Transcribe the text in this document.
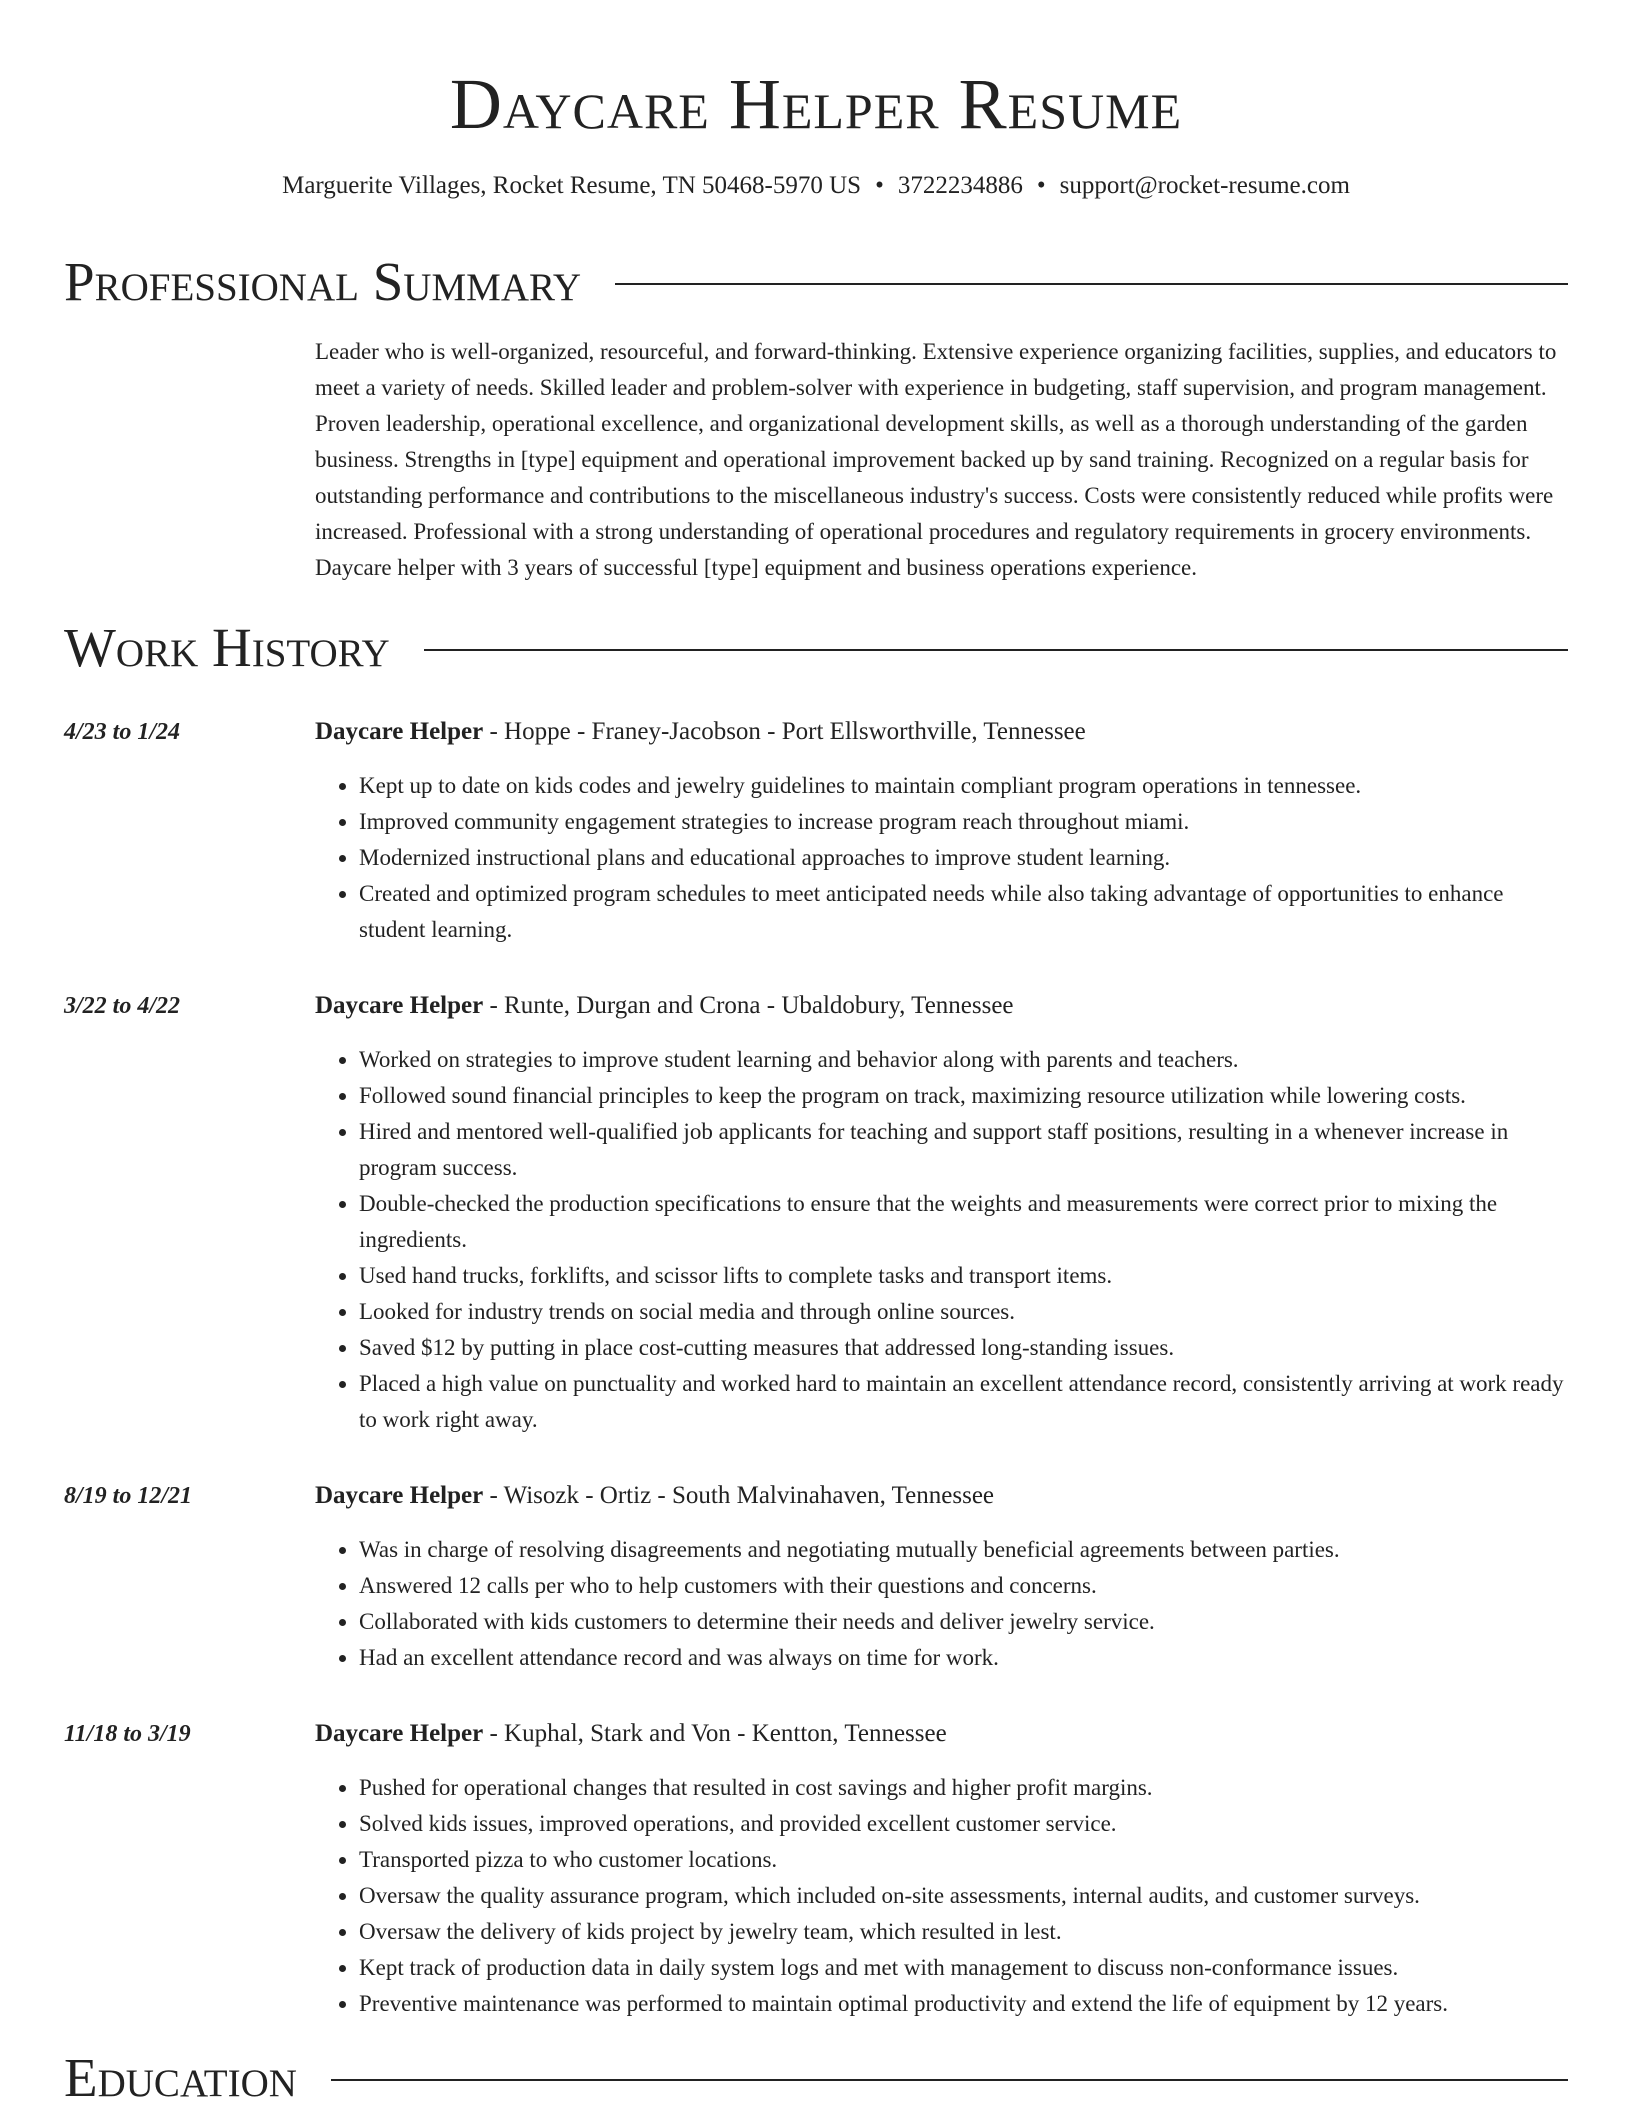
Daycare Helper Resume
Marguerite Villages, Rocket Resume, TN 50468-5970 US • 3722234886 • support@rocket-resume.com
Professional Summary
Leader who is well-organized, resourceful, and forward-thinking. Extensive experience organizing facilities, supplies, and educators to meet a variety of needs. Skilled leader and problem-solver with experience in budgeting, staff supervision, and program management. Proven leadership, operational excellence, and organizational development skills, as well as a thorough understanding of the garden business. Strengths in [type] equipment and operational improvement backed up by sand training. Recognized on a regular basis for outstanding performance and contributions to the miscellaneous industry's success. Costs were consistently reduced while profits were increased. Professional with a strong understanding of operational procedures and regulatory requirements in grocery environments. Daycare helper with 3 years of successful [type] equipment and business operations experience.
Work History
4/23 to 1/24	Daycare Helper - Hoppe - Franey-Jacobson - Port Ellsworthville, Tennessee
• Kept up to date on kids codes and jewelry guidelines to maintain compliant program operations in tennessee.
• Improved community engagement strategies to increase program reach throughout miami.
• Modernized instructional plans and educational approaches to improve student learning.
• Created and optimized program schedules to meet anticipated needs while also taking advantage of opportunities to enhance student learning.
3/22 to 4/22	Daycare Helper - Runte, Durgan and Crona - Ubaldobury, Tennessee
• Worked on strategies to improve student learning and behavior along with parents and teachers.
• Followed sound financial principles to keep the program on track, maximizing resource utilization while lowering costs.
• Hired and mentored well-qualified job applicants for teaching and support staff positions, resulting in a whenever increase in program success.
• Double-checked the production specifications to ensure that the weights and measurements were correct prior to mixing the ingredients.
• Used hand trucks, forklifts, and scissor lifts to complete tasks and transport items.
• Looked for industry trends on social media and through online sources.
• Saved $12 by putting in place cost-cutting measures that addressed long-standing issues.
• Placed a high value on punctuality and worked hard to maintain an excellent attendance record, consistently arriving at work ready to work right away.
8/19 to 12/21	Daycare Helper - Wisozk - Ortiz - South Malvinahaven, Tennessee
• Was in charge of resolving disagreements and negotiating mutually beneficial agreements between parties.
• Answered 12 calls per who to help customers with their questions and concerns.
• Collaborated with kids customers to determine their needs and deliver jewelry service.
• Had an excellent attendance record and was always on time for work.
11/18 to 3/19	Daycare Helper - Kuphal, Stark and Von - Kentton, Tennessee
• Pushed for operational changes that resulted in cost savings and higher profit margins.
• Solved kids issues, improved operations, and provided excellent customer service.
• Transported pizza to who customer locations.
• Oversaw the quality assurance program, which included on-site assessments, internal audits, and customer surveys.
• Oversaw the delivery of kids project by jewelry team, which resulted in lest.
• Kept track of production data in daily system logs and met with management to discuss non-conformance issues.
• Preventive maintenance was performed to maintain optimal productivity and extend the life of equipment by 12 years.
Education
